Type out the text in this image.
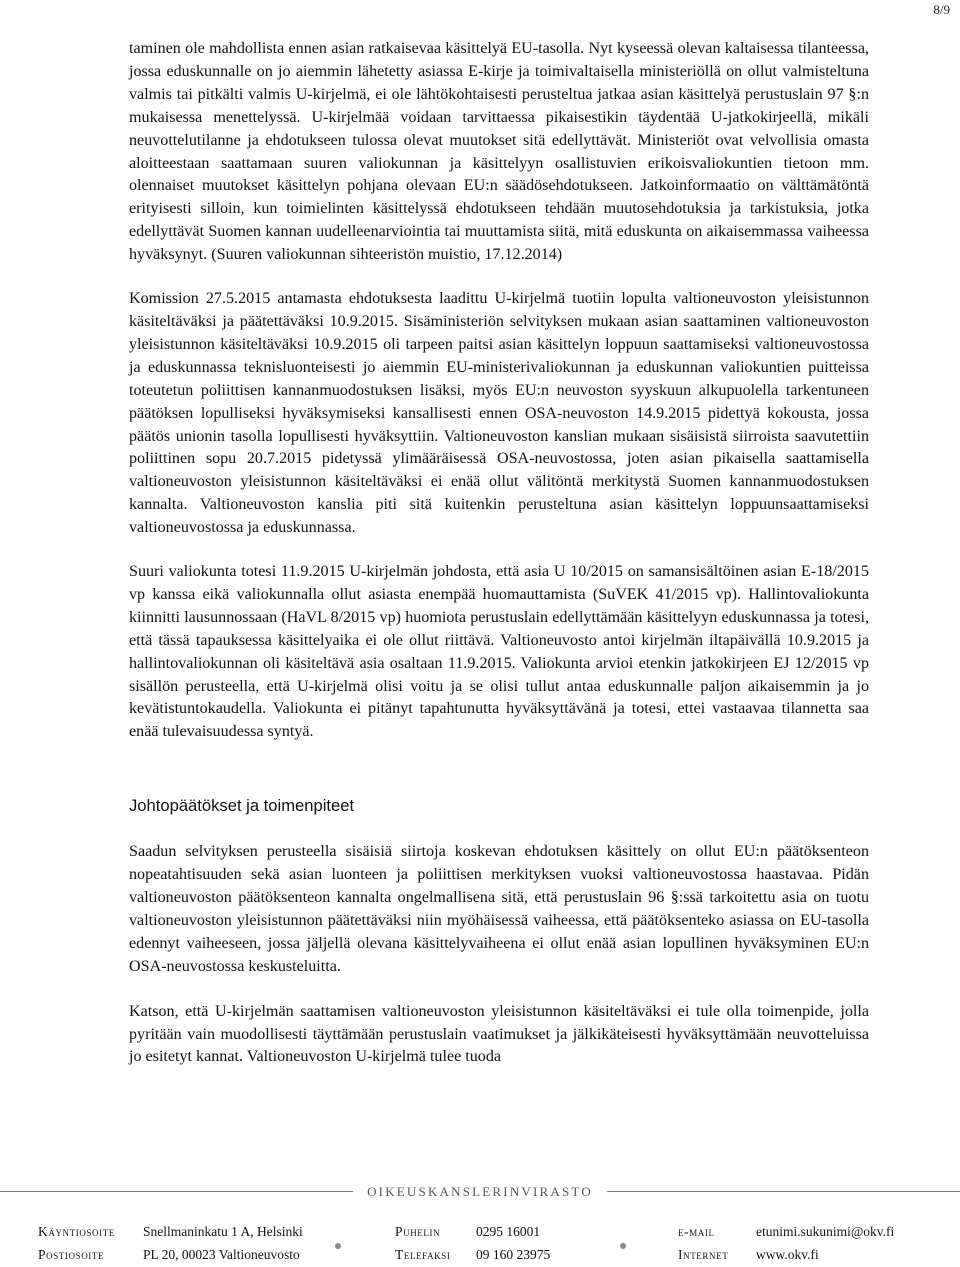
8/9

taminen ole mahdollista ennen asian ratkaisevaa käsittelyä EU-tasolla. Nyt kyseessä olevan kaltaisessa tilanteessa, jossa eduskunnalle on jo aiemmin lähetetty asiassa E-kirje ja toimivaltaisella ministeriöllä on ollut valmisteltuna valmis tai pitkälti valmis U-kirjelmä, ei ole lähtökohtaisesti perusteltua jatkaa asian käsittelyä perustuslain 97 §:n mukaisessa menettelyssä. U-kirjelmää voidaan tarvittaessa pikaisestikin täydentää U-jatkokirjeellä, mikäli neuvottelutilanne ja ehdotukseen tulossa olevat muutokset sitä edellyttävät. Ministeriöt ovat velvollisia omasta aloitteestaan saattamaan suuren valiokunnan ja käsittelyyn osallistuvien erikoisvaliokuntien tietoon mm. olennaiset muutokset käsittelyn pohjana olevaan EU:n säädösehdotukseen. Jatkoinformaatio on välttämätöntä erityisesti silloin, kun toimielinten käsittelyssä ehdotukseen tehdään muutosehdotuksia ja tarkistuksia, jotka edellyttävät Suomen kannan uudelleenarviointia tai muuttamista siitä, mitä eduskunta on aikaisemmassa vaiheessa hyväksynyt. (Suuren valiokunnan sihteeristön muistio, 17.12.2014)

Komission 27.5.2015 antamasta ehdotuksesta laadittu U-kirjelmä tuotiin lopulta valtioneuvoston yleisistunnon käsiteltäväksi ja päätettäväksi 10.9.2015. Sisäministeriön selvityksen mukaan asian saattaminen valtioneuvoston yleisistunnon käsiteltäväksi 10.9.2015 oli tarpeen paitsi asian käsittelyn loppuun saattamiseksi valtioneuvostossa ja eduskunnassa teknisluonteisesti jo aiemmin EU-ministerivaliokunnan ja eduskunnan valiokuntien puitteissa toteutetun poliittisen kannanmuodostuksen lisäksi, myös EU:n neuvoston syyskuun alkupuolella tarkentuneen päätöksen lopulliseksi hyväksymiseksi kansallisesti ennen OSA-neuvoston 14.9.2015 pidettyä kokousta, jossa päätös unionin tasolla lopullisesti hyväksyttiin. Valtioneuvoston kanslian mukaan sisäisistä siirroista saavutettiin poliittinen sopu 20.7.2015 pidetyssä ylimääräisessä OSA-neuvostossa, joten asian pikaisella saattamisella valtioneuvoston yleisistunnon käsiteltäväksi ei enää ollut välitöntä merkitystä Suomen kannanmuodostuksen kannalta. Valtioneuvoston kanslia piti sitä kuitenkin perusteltuna asian käsittelyn loppuunsaattamiseksi valtioneuvostossa ja eduskunnassa.

Suuri valiokunta totesi 11.9.2015 U-kirjelmän johdosta, että asia U 10/2015 on samansisältöinen asian E-18/2015 vp kanssa eikä valiokunnalla ollut asiasta enempää huomauttamista (SuVEK 41/2015 vp). Hallintovaliokunta kiinnitti lausunnossaan (HaVL 8/2015 vp) huomiota perustuslain edellyttämään käsittelyyn eduskunnassa ja totesi, että tässä tapauksessa käsittelyaika ei ole ollut riittävä. Valtioneuvosto antoi kirjelmän iltapäivällä 10.9.2015 ja hallintovaliokunnan oli käsiteltävä asia osaltaan 11.9.2015. Valiokunta arvioi etenkin jatkokirjeen EJ 12/2015 vp sisällön perusteella, että U-kirjelmä olisi voitu ja se olisi tullut antaa eduskunnalle paljon aikaisemmin ja jo kevätistuntokaudella. Valiokunta ei pitänyt tapahtunutta hyväksyttävänä ja totesi, ettei vastaavaa tilannetta saa enää tulevaisuudessa syntyä.

Johtopäätökset ja toimenpiteet

Saadun selvityksen perusteella sisäisiä siirtoja koskevan ehdotuksen käsittely on ollut EU:n päätöksenteon nopeatahtisuuden sekä asian luonteen ja poliittisen merkityksen vuoksi valtioneuvostossa haastavaa. Pidän valtioneuvoston päätöksenteon kannalta ongelmallisena sitä, että perustuslain 96 §:ssä tarkoitettu asia on tuotu valtioneuvoston yleisistunnon päätettäväksi niin myöhäisessä vaiheessa, että päätöksenteko asiassa on EU-tasolla edennyt vaiheeseen, jossa jäljellä olevana käsittelyvaiheena ei ollut enää asian lopullinen hyväksyminen EU:n OSA-neuvostossa keskusteluitta.

Katson, että U-kirjelmän saattamisen valtioneuvoston yleisistunnon käsiteltäväksi ei tule olla toimenpide, jolla pyritään vain muodollisesti täyttämään perustuslain vaatimukset ja jälkikäteisesti hyväksyttämään neuvotteluissa jo esitetyt kannat. Valtioneuvoston U-kirjelmä tulee tuoda

OIKEUSKANSLERINVIRASTO
Käyntiosoite Snellmaninkatu 1 A, Helsinki
Postiosoite	PL 20, 00023 Valtioneuvosto
Puhelin	0295 16001
Telefaksi 09 160 23975
e-mail	etunimi.sukunimi@okv.fi
Internet www.okv.fi
